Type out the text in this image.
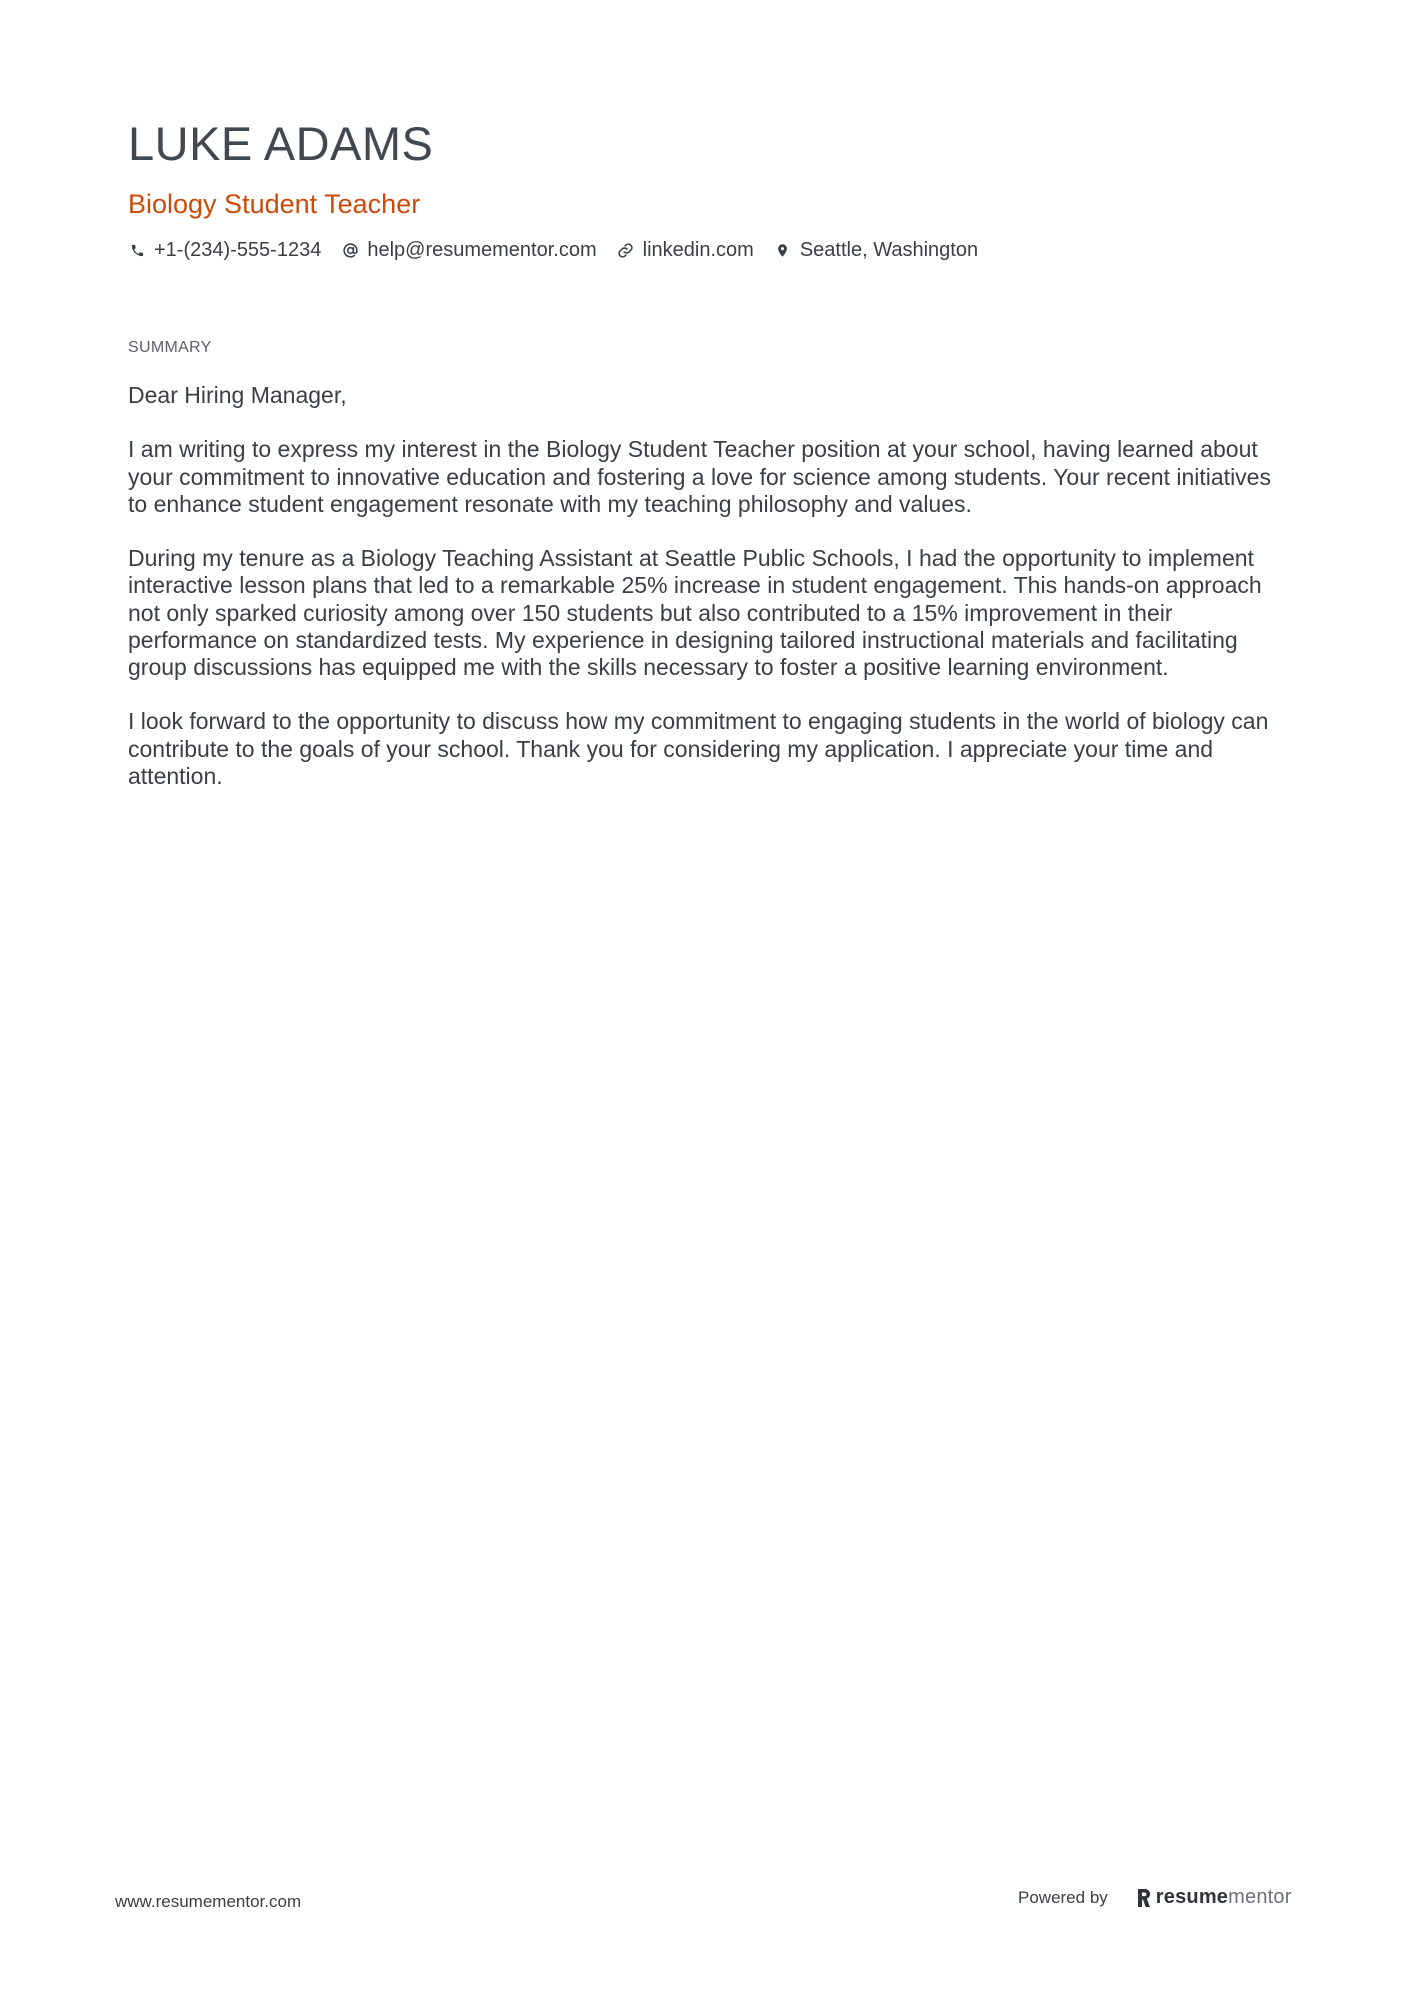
LUKE ADAMS
Biology Student Teacher
+1-(234)-555-1234 help@resumementor.com linkedin.com Seattle, Washington
SUMMARY

Dear Hiring Manager,

I am writing to express my interest in the Biology Student Teacher position at your school, having learned about your commitment to innovative education and fostering a love for science among students. Your recent initiatives to enhance student engagement resonate with my teaching philosophy and values.

During my tenure as a Biology Teaching Assistant at Seattle Public Schools, I had the opportunity to implement interactive lesson plans that led to a remarkable 25% increase in student engagement. This hands-on approach not only sparked curiosity among over 150 students but also contributed to a 15% improvement in their performance on standardized tests. My experience in designing tailored instructional materials and facilitating group discussions has equipped me with the skills necessary to foster a positive learning environment.

I look forward to the opportunity to discuss how my commitment to engaging students in the world of biology can contribute to the goals of your school. Thank you for considering my application. I appreciate your time and attention.

www.resumementor.com	Powered by resume mentor
